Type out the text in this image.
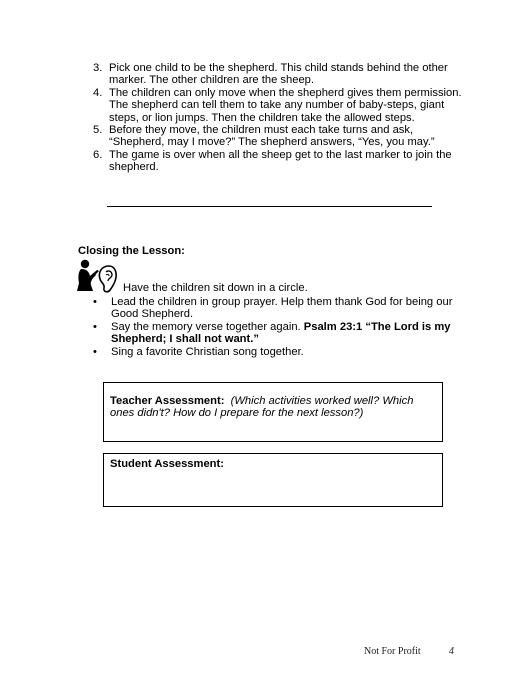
3. Pick one child to be the shepherd. This child stands behind the other marker. The other children are the sheep.
4. The children can only move when the shepherd gives them permission. The shepherd can tell them to take any number of baby-steps, giant steps, or lion jumps. Then the children take the allowed steps.
5. Before they move, the children must each take turns and ask, “Shepherd, may I move?” The shepherd answers, “Yes, you may.”
6. The game is over when all the sheep get to the last marker to join the shepherd.
Closing the Lesson:
Have the children sit down in a circle.
• Lead the children in group prayer. Help them thank God for being our Good Shepherd.
• Say the memory verse together again. Psalm 23:1 “The Lord is my Shepherd; I shall not want.”
• Sing a favorite Christian song together.
Teacher Assessment: (Which activities worked well? Which ones didn't? How do I prepare for the next lesson?)
Student Assessment:
Not For Profit	4
